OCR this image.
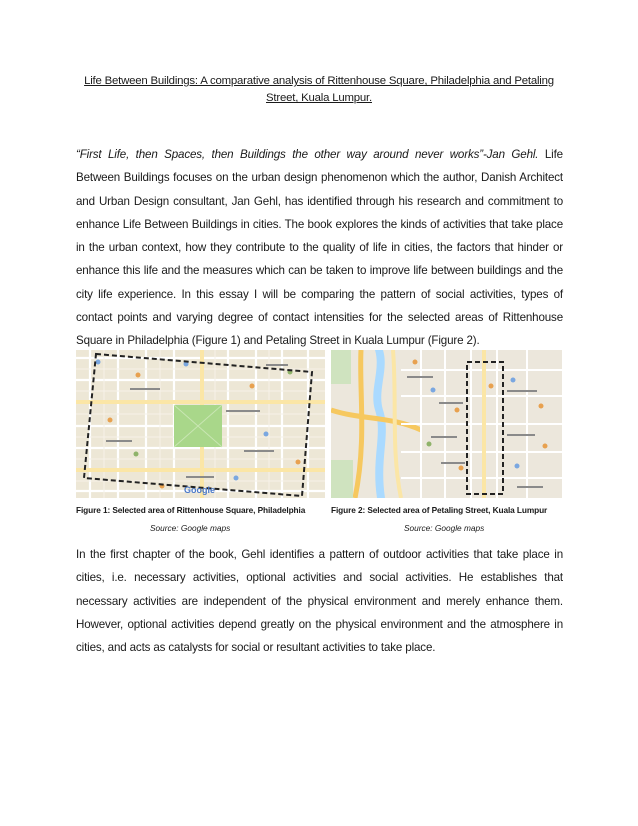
Life Between Buildings: A comparative analysis of Rittenhouse Square, Philadelphia and Petaling Street, Kuala Lumpur.
“First Life, then Spaces, then Buildings the other way around never works”-Jan Gehl. Life Between Buildings focuses on the urban design phenomenon which the author, Danish Architect and Urban Design consultant, Jan Gehl, has identified through his research and commitment to enhance Life Between Buildings in cities. The book explores the kinds of activities that take place in the urban context, how they contribute to the quality of life in cities, the factors that hinder or enhance this life and the measures which can be taken to improve life between buildings and the city life experience. In this essay I will be comparing the pattern of social activities, types of contact points and varying degree of contact intensities for the selected areas of Rittenhouse Square in Philadelphia (Figure 1) and Petaling Street in Kuala Lumpur (Figure 2).
Google
Figure 1: Selected area of Rittenhouse Square, Philadelphia	Figure 2: Selected area of Petaling Street, Kuala Lumpur
Source: Google maps	Source: Google maps
In the first chapter of the book, Gehl identifies a pattern of outdoor activities that take place in cities, i.e. necessary activities, optional activities and social activities. He establishes that necessary activities are independent of the physical environment and merely enhance them. However, optional activities depend greatly on the physical environment and the atmosphere in cities, and acts as catalysts for social or resultant activities to take place.
